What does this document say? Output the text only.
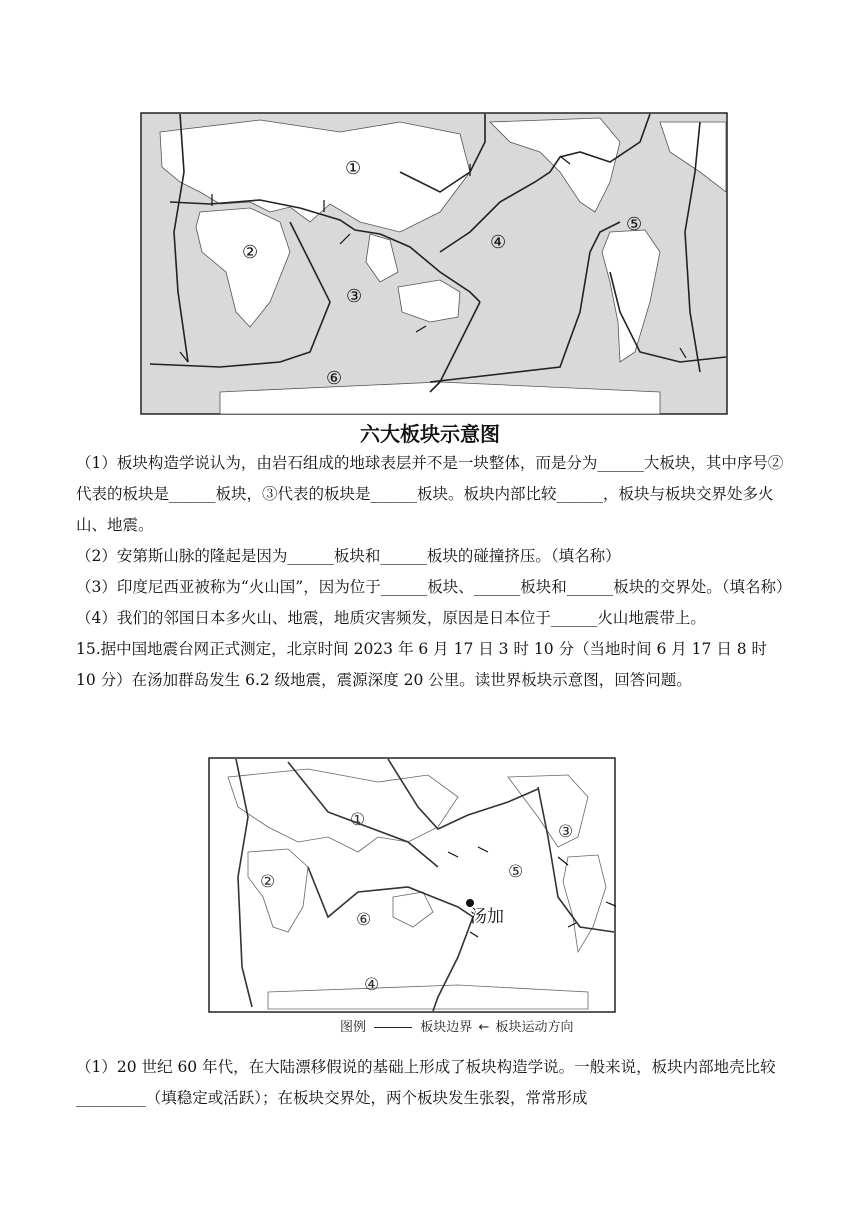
①
②
③
④
⑤
⑥
六大板块示意图

（1）板块构造学说认为，由岩石组成的地球表层并不是一块整体，而是分为______大板块，其中序号②代表的板块是______板块，③代表的板块是______板块。板块内部比较______，板块与板块交界处多火山、地震。

（2）安第斯山脉的隆起是因为______板块和______板块的碰撞挤压。（填名称）

（3）印度尼西亚被称为“火山国”，因为位于______板块、______板块和______板块的交界处。（填名称）

（4）我们的邻国日本多火山、地震，地质灾害频发，原因是日本位于______火山地震带上。

15.据中国地震台网正式测定，北京时间 2023 年 6 月 17 日 3 时 10 分（当地时间 6 月 17 日 8 时 10 分）在汤加群岛发生 6.2 级地震，震源深度 20 公里。读世界板块示意图，回答问题。

①
②
③
④
⑤
⑥	汤加
图例	板块边界 ← 板块运动方向

（1）20 世纪 60 年代，在大陆漂移假说的基础上形成了板块构造学说。一般来说，板块内部地壳比较_________（填稳定或活跃）；在板块交界处，两个板块发生张裂，常常形成
